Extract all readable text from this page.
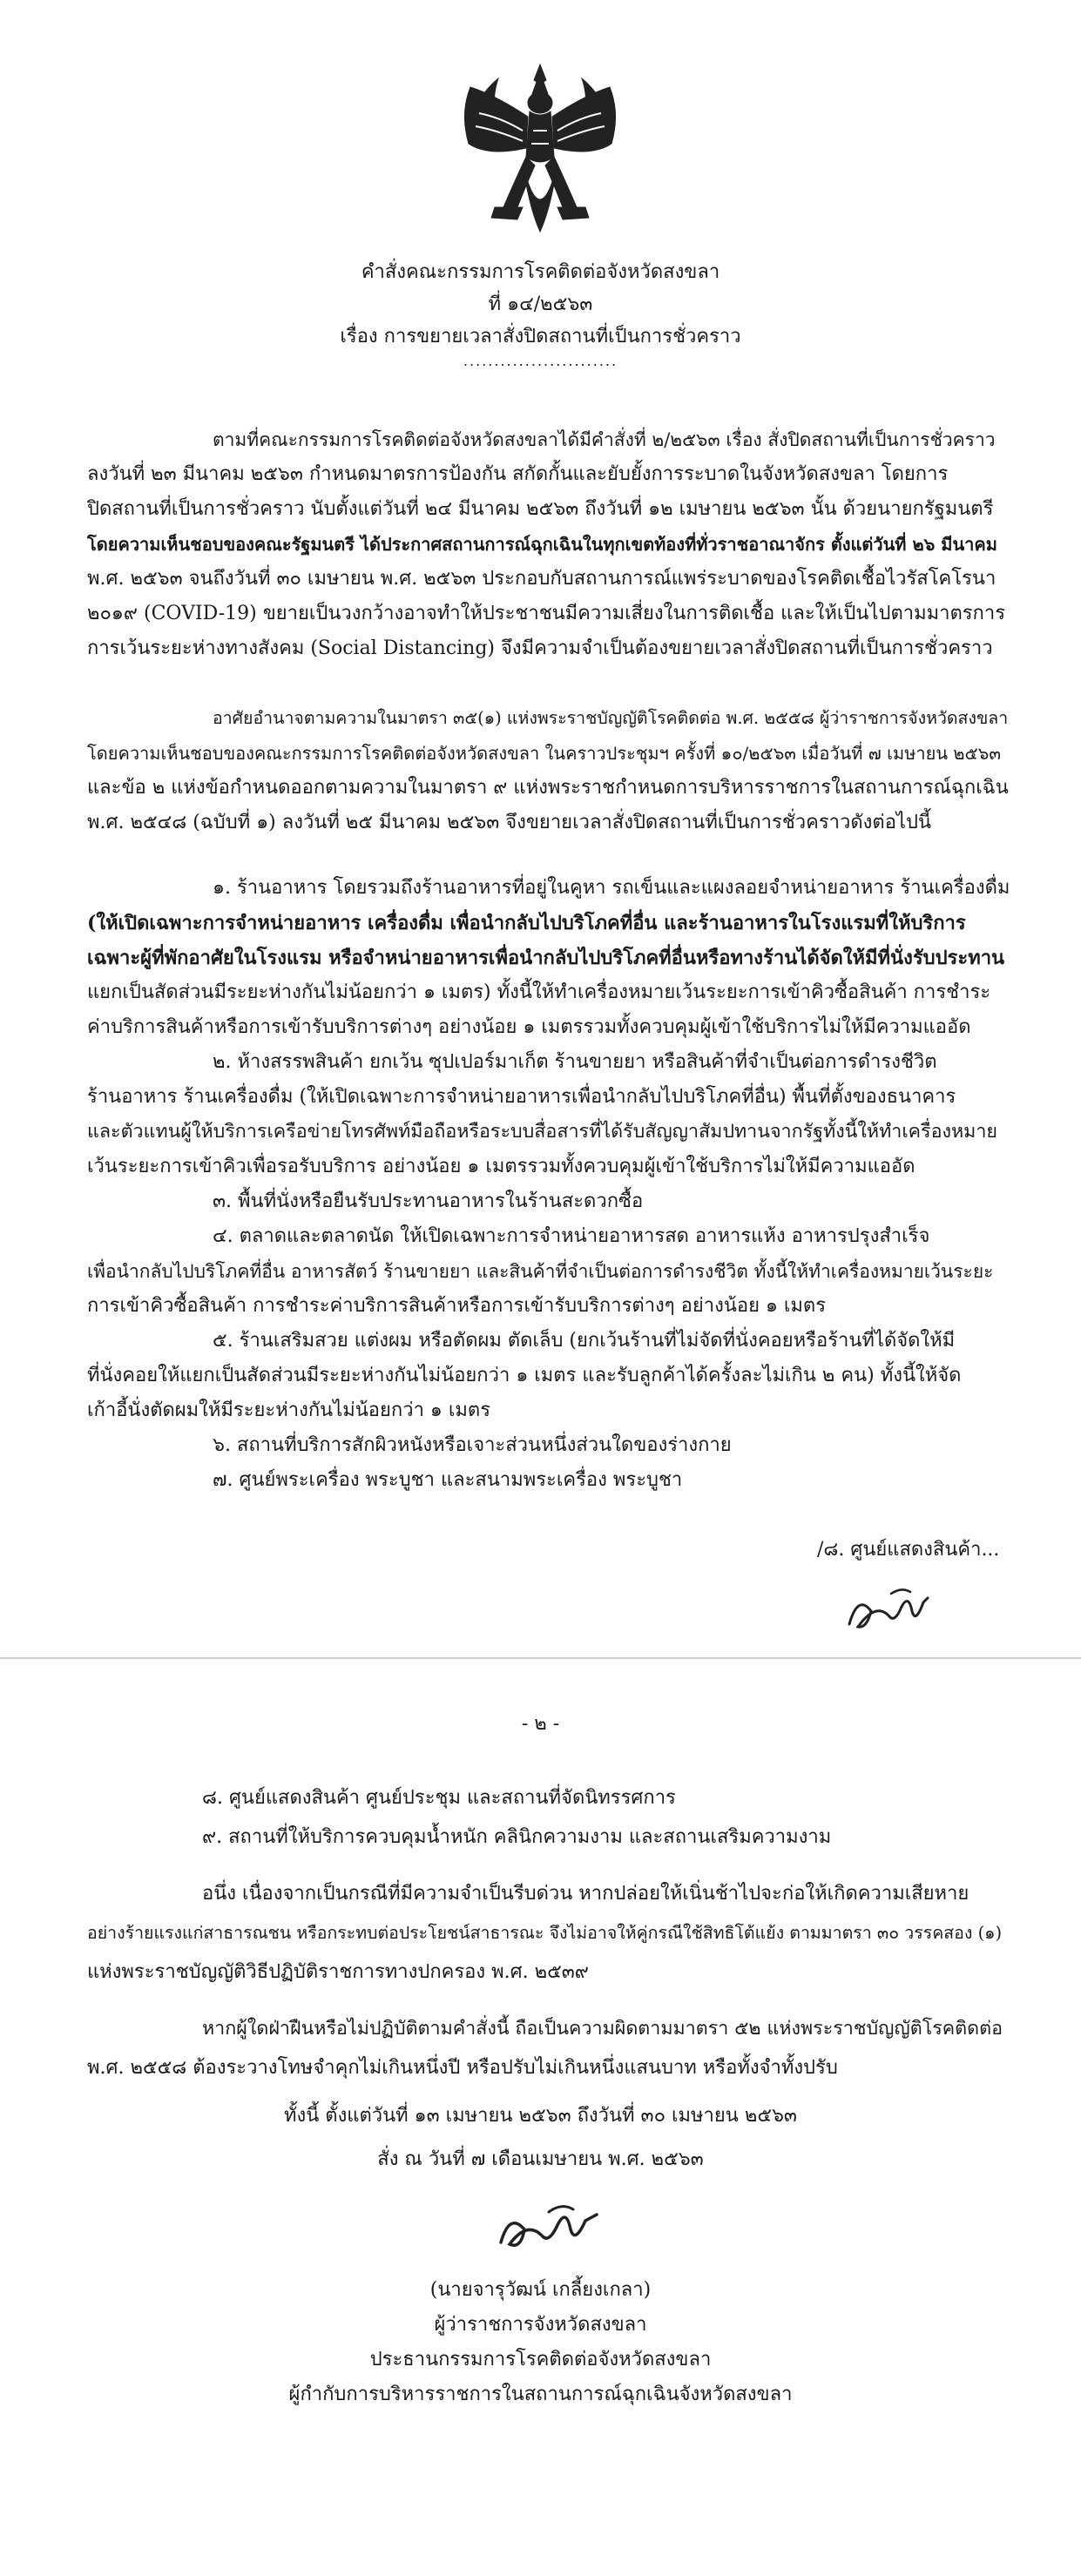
คำสั่งคณะกรรมการโรคติดต่อจังหวัดสงขลา
ที่ ๑๔/๒๕๖๓
เรื่อง การขยายเวลาสั่งปิดสถานที่เป็นการชั่วคราว
.........................
ตามที่คณะกรรมการโรคติดต่อจังหวัดสงขลาได้มีคำสั่งที่ ๒/๒๕๖๓ เรื่อง สั่งปิดสถานที่เป็นการชั่วคราว
ลงวันที่ ๒๓ มีนาคม ๒๕๖๓ กำหนดมาตรการป้องกัน สกัดกั้นและยับยั้งการระบาดในจังหวัดสงขลา โดยการ
ปิดสถานที่เป็นการชั่วคราว นับตั้งแต่วันที่ ๒๔ มีนาคม ๒๕๖๓ ถึงวันที่ ๑๒ เมษายน ๒๕๖๓ นั้น ด้วยนายกรัฐมนตรี
โดยความเห็นชอบของคณะรัฐมนตรี ได้ประกาศสถานการณ์ฉุกเฉินในทุกเขตท้องที่ทั่วราชอาณาจักร ตั้งแต่วันที่ ๒๖ มีนาคม
พ.ศ. ๒๕๖๓ จนถึงวันที่ ๓๐ เมษายน พ.ศ. ๒๕๖๓ ประกอบกับสถานการณ์แพร่ระบาดของโรคติดเชื้อไวรัสโคโรนา
๒๐๑๙ (COVID-19) ขยายเป็นวงกว้างอาจทำให้ประชาชนมีความเสี่ยงในการติดเชื้อ และให้เป็นไปตามมาตรการ
การเว้นระยะห่างทางสังคม (Social Distancing) จึงมีความจำเป็นต้องขยายเวลาสั่งปิดสถานที่เป็นการชั่วคราว
อาศัยอำนาจตามความในมาตรา ๓๕(๑) แห่งพระราชบัญญัติโรคติดต่อ พ.ศ. ๒๕๕๘ ผู้ว่าราชการจังหวัดสงขลา
โดยความเห็นชอบของคณะกรรมการโรคติดต่อจังหวัดสงขลา ในคราวประชุมฯ ครั้งที่ ๑๐/๒๕๖๓ เมื่อวันที่ ๗ เมษายน ๒๕๖๓
และข้อ ๒ แห่งข้อกำหนดออกตามความในมาตรา ๙ แห่งพระราชกำหนดการบริหารราชการในสถานการณ์ฉุกเฉิน
พ.ศ. ๒๕๔๘ (ฉบับที่ ๑) ลงวันที่ ๒๕ มีนาคม ๒๕๖๓ จึงขยายเวลาสั่งปิดสถานที่เป็นการชั่วคราวดังต่อไปนี้
๑. ร้านอาหาร โดยรวมถึงร้านอาหารที่อยู่ในคูหา รถเข็นและแผงลอยจำหน่ายอาหาร ร้านเครื่องดื่ม
(ให้เปิดเฉพาะการจำหน่ายอาหาร เครื่องดื่ม เพื่อนำกลับไปบริโภคที่อื่น และร้านอาหารในโรงแรมที่ให้บริการ
เฉพาะผู้ที่พักอาศัยในโรงแรม หรือจำหน่ายอาหารเพื่อนำกลับไปบริโภคที่อื่นหรือทางร้านได้จัดให้มีที่นั่งรับประทาน
แยกเป็นสัดส่วนมีระยะห่างกันไม่น้อยกว่า ๑ เมตร) ทั้งนี้ให้ทำเครื่องหมายเว้นระยะการเข้าคิวซื้อสินค้า การชำระ
ค่าบริการสินค้าหรือการเข้ารับบริการต่างๆ อย่างน้อย ๑ เมตรรวมทั้งควบคุมผู้เข้าใช้บริการไม่ให้มีความแออัด
๒. ห้างสรรพสินค้า ยกเว้น ซุปเปอร์มาเก็ต ร้านขายยา หรือสินค้าที่จำเป็นต่อการดำรงชีวิต
ร้านอาหาร ร้านเครื่องดื่ม (ให้เปิดเฉพาะการจำหน่ายอาหารเพื่อนำกลับไปบริโภคที่อื่น) พื้นที่ตั้งของธนาคาร
และตัวแทนผู้ให้บริการเครือข่ายโทรศัพท์มือถือหรือระบบสื่อสารที่ได้รับสัญญาสัมปทานจากรัฐทั้งนี้ให้ทำเครื่องหมาย
เว้นระยะการเข้าคิวเพื่อรอรับบริการ อย่างน้อย ๑ เมตรรวมทั้งควบคุมผู้เข้าใช้บริการไม่ให้มีความแออัด
๓. พื้นที่นั่งหรือยืนรับประทานอาหารในร้านสะดวกซื้อ
๔. ตลาดและตลาดนัด ให้เปิดเฉพาะการจำหน่ายอาหารสด อาหารแห้ง อาหารปรุงสำเร็จ
เพื่อนำกลับไปบริโภคที่อื่น อาหารสัตว์ ร้านขายยา และสินค้าที่จำเป็นต่อการดำรงชีวิต ทั้งนี้ให้ทำเครื่องหมายเว้นระยะ
การเข้าคิวซื้อสินค้า การชำระค่าบริการสินค้าหรือการเข้ารับบริการต่างๆ อย่างน้อย ๑ เมตร
๕. ร้านเสริมสวย แต่งผม หรือตัดผม ตัดเล็บ (ยกเว้นร้านที่ไม่จัดที่นั่งคอยหรือร้านที่ได้จัดให้มี
ที่นั่งคอยให้แยกเป็นสัดส่วนมีระยะห่างกันไม่น้อยกว่า ๑ เมตร และรับลูกค้าได้ครั้งละไม่เกิน ๒ คน) ทั้งนี้ให้จัด
เก้าอี้นั่งตัดผมให้มีระยะห่างกันไม่น้อยกว่า ๑ เมตร
๖. สถานที่บริการสักผิวหนังหรือเจาะส่วนหนึ่งส่วนใดของร่างกาย
๗. ศูนย์พระเครื่อง พระบูชา และสนามพระเครื่อง พระบูชา
/๘. ศูนย์แสดงสินค้า...
- ๒ -
๘. ศูนย์แสดงสินค้า ศูนย์ประชุม และสถานที่จัดนิทรรศการ
๙. สถานที่ให้บริการควบคุมน้ำหนัก คลินิกความงาม และสถานเสริมความงาม
อนึ่ง เนื่องจากเป็นกรณีที่มีความจำเป็นรีบด่วน หากปล่อยให้เนิ่นช้าไปจะก่อให้เกิดความเสียหาย
อย่างร้ายแรงแก่สาธารณชน หรือกระทบต่อประโยชน์สาธารณะ จึงไม่อาจให้คู่กรณีใช้สิทธิโต้แย้ง ตามมาตรา ๓๐ วรรคสอง (๑)
แห่งพระราชบัญญัติวิธีปฏิบัติราชการทางปกครอง พ.ศ. ๒๕๓๙
หากผู้ใดฝ่าฝืนหรือไม่ปฏิบัติตามคำสั่งนี้ ถือเป็นความผิดตามมาตรา ๕๒ แห่งพระราชบัญญัติโรคติดต่อ
พ.ศ. ๒๕๕๘ ต้องระวางโทษจำคุกไม่เกินหนึ่งปี หรือปรับไม่เกินหนึ่งแสนบาท หรือทั้งจำทั้งปรับ
ทั้งนี้ ตั้งแต่วันที่ ๑๓ เมษายน ๒๕๖๓ ถึงวันที่ ๓๐ เมษายน ๒๕๖๓
สั่ง ณ วันที่ ๗ เดือนเมษายน พ.ศ. ๒๕๖๓
(นายจารุวัฒน์ เกลี้ยงเกลา)
ผู้ว่าราชการจังหวัดสงขลา
ประธานกรรมการโรคติดต่อจังหวัดสงขลา
ผู้กำกับการบริหารราชการในสถานการณ์ฉุกเฉินจังหวัดสงขลา
